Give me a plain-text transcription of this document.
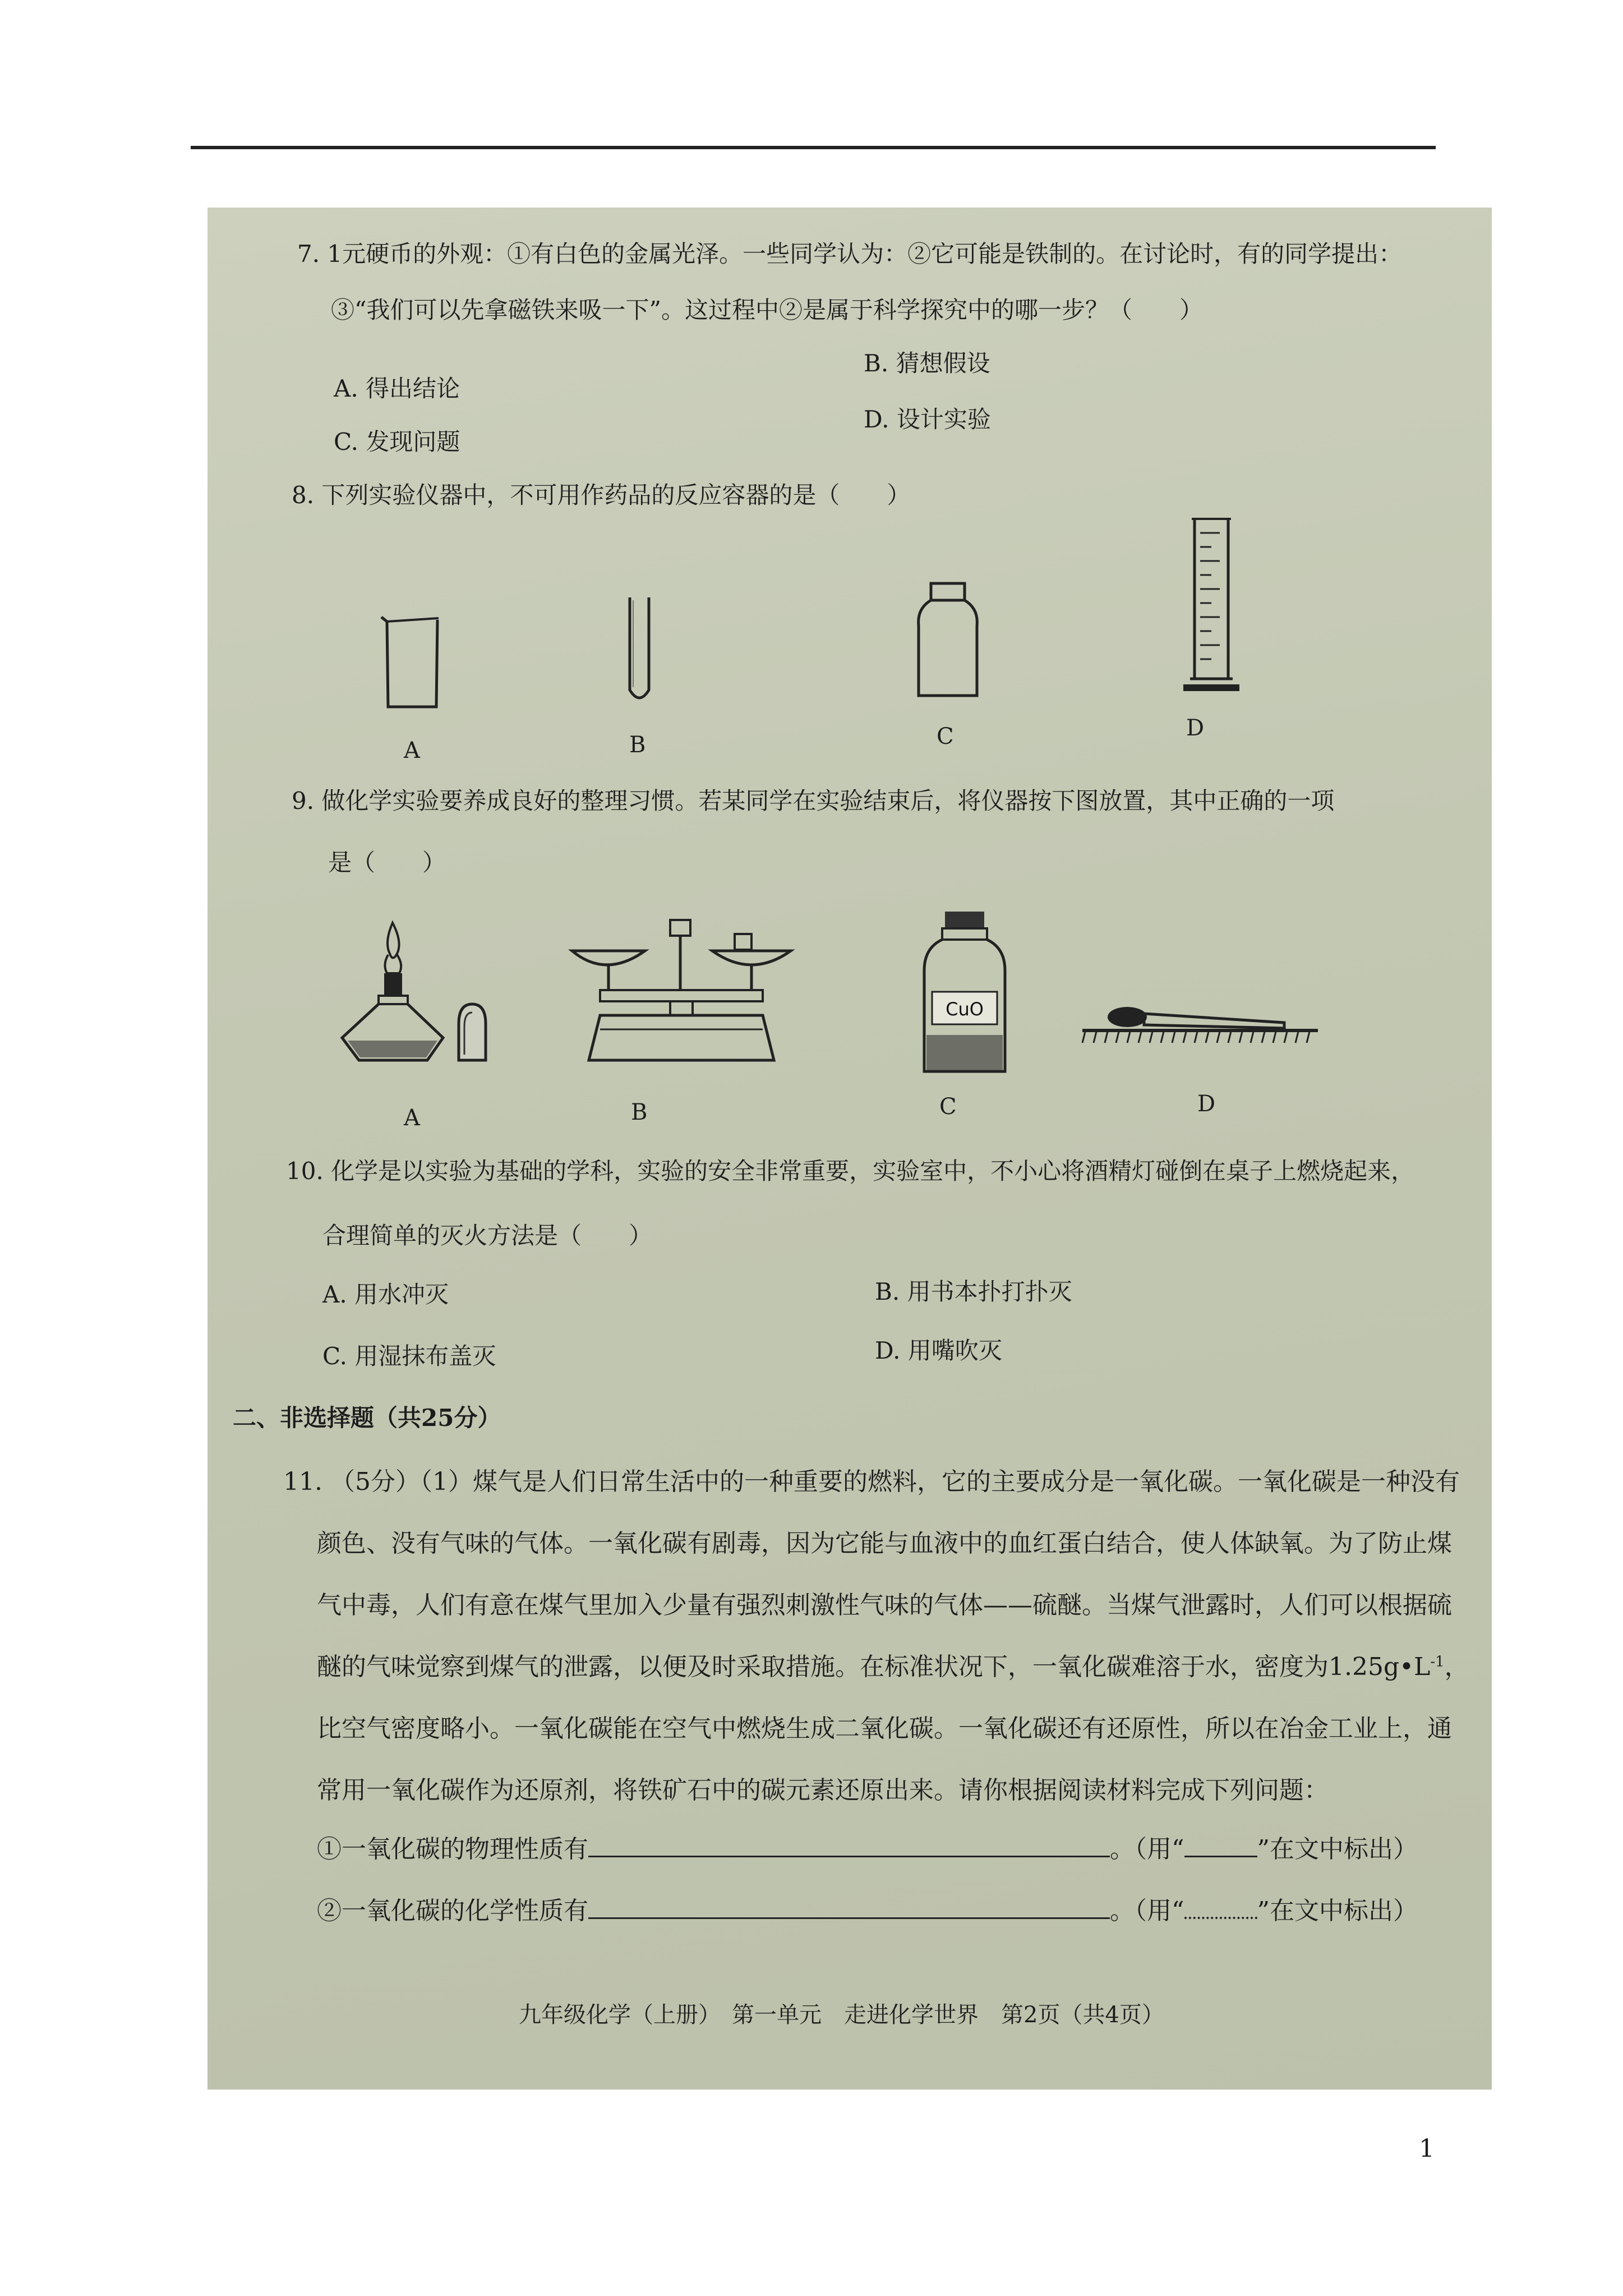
7. 1元硬币的外观：①有白色的金属光泽。一些同学认为：②它可能是铁制的。在讨论时，有的同学提出：
③“我们可以先拿磁铁来吸一下”。这过程中②是属于科学探究中的哪一步？（　　）
B. 猜想假设
A. 得出结论
D. 设计实验
C. 发现问题
8. 下列实验仪器中，不可用作药品的反应容器的是（　　）
A	B	C	D
9. 做化学实验要养成良好的整理习惯。若某同学在实验结束后，将仪器按下图放置，其中正确的一项
是（　　）
CuO
A	B	C	D
10. 化学是以实验为基础的学科，实验的安全非常重要，实验室中，不小心将酒精灯碰倒在桌子上燃烧起来，
合理简单的灭火方法是（　　）
A. 用水冲灭	B. 用书本扑打扑灭
C. 用湿抹布盖灭	D. 用嘴吹灭
二、非选择题（共25分）
11. （5分）（1）煤气是人们日常生活中的一种重要的燃料，它的主要成分是一氧化碳。一氧化碳是一种没有
颜色、没有气味的气体。一氧化碳有剧毒，因为它能与血液中的血红蛋白结合，使人体缺氧。为了防止煤
气中毒，人们有意在煤气里加入少量有强烈刺激性气味的气体——硫醚。当煤气泄露时，人们可以根据硫
醚的气味觉察到煤气的泄露，以便及时采取措施。在标准状况下，一氧化碳难溶于水，密度为$1.25g•L^{-1}$，
比空气密度略小。一氧化碳能在空气中燃烧生成二氧化碳。一氧化碳还有还原性，所以在冶金工业上，通
常用一氧化碳作为还原剂，将铁矿石中的碳元素还原出来。请你根据阅读材料完成下列问题：
①一氧化碳的物理性质有	。（用“	”在文中标出）
②一氧化碳的化学性质有	。（用“	”在文中标出）
九年级化学（上册）　第一单元　走进化学世界　第2页（共4页）
1
